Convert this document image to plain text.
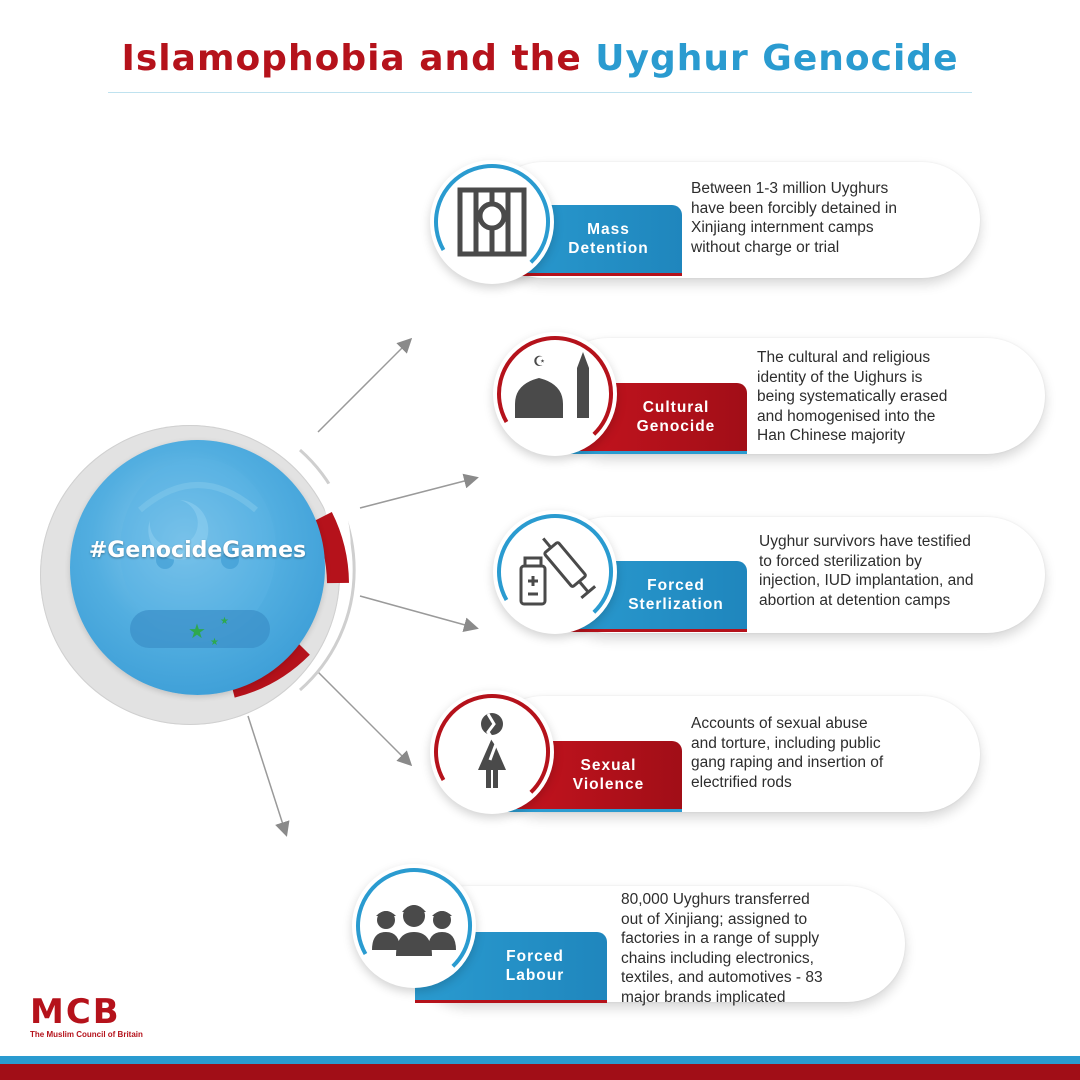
Islamophobia and the Uyghur Genocide
★ ★
★
#GenocideGames
Between 1-3 million Uyghurs
have been forcibly detained in
Xinjiang internment camps
without charge or trial
Mass
Detention
The cultural and religious
identity of the Uighurs is
being systematically erased
and homogenised into the
Han Chinese majority
Cultural
Genocide
☪
Uyghur survivors have testified
to forced sterilization by
injection, IUD implantation, and
abortion at detention camps
Forced
Sterlization
Accounts of sexual abuse
and torture, including public
gang raping and insertion of
electrified rods
Sexual
Violence
80,000 Uyghurs transferred
out of Xinjiang; assigned to
factories in a range of supply
chains including electronics,
textiles, and automotives - 83
major brands implicated
Forced
Labour
MCB
The Muslim Council of Britain
